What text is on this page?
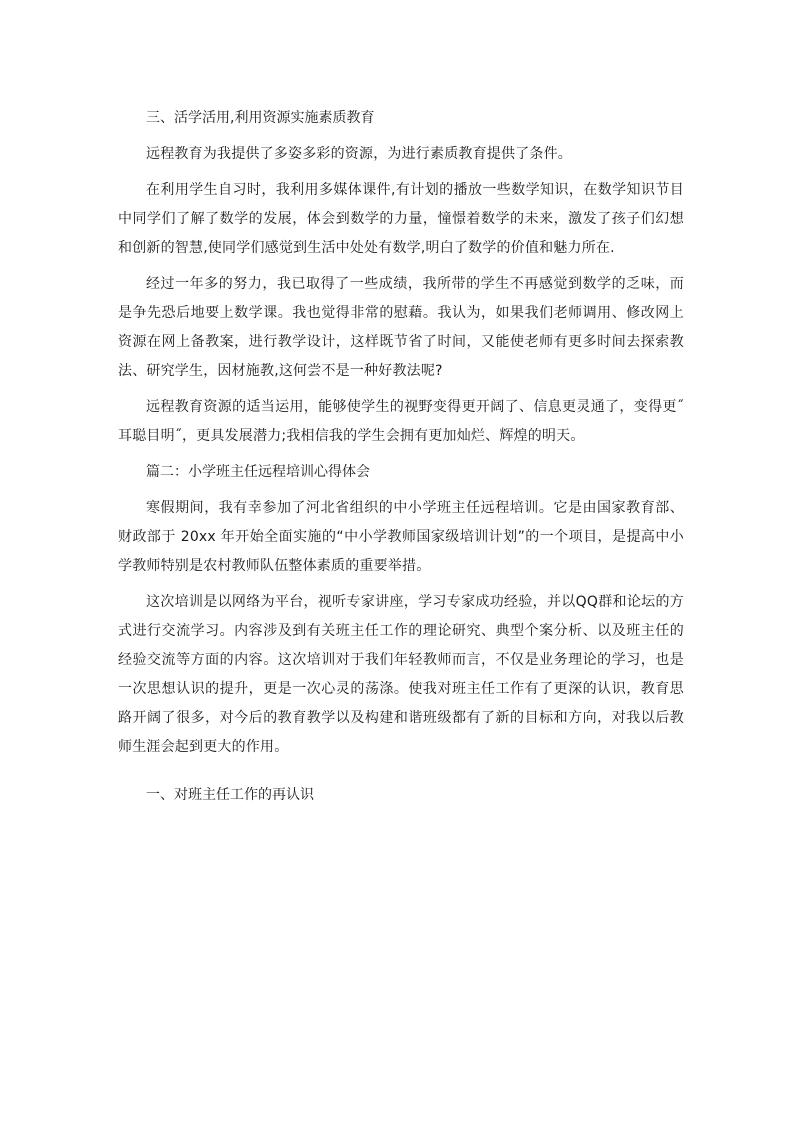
三、活学活用,利用资源实施素质教育

远程教育为我提供了多姿多彩的资源，为进行素质教育提供了条件。

在利用学生自习时，我利用多媒体课件,有计划的播放一些数学知识，在数学知识节目中同学们了解了数学的发展，体会到数学的力量，憧憬着数学的未来，激发了孩子们幻想和创新的智慧,使同学们感觉到生活中处处有数学,明白了数学的价值和魅力所在.

经过一年多的努力，我已取得了一些成绩，我所带的学生不再感觉到数学的乏味，而是争先恐后地要上数学课。我也觉得非常的慰藉。我认为，如果我们老师调用、修改网上资源在网上备教案，进行教学设计，这样既节省了时间，又能使老师有更多时间去探索教法、研究学生，因材施教,这何尝不是一种好教法呢?

远程教育资源的适当运用，能够使学生的视野变得更开阔了、信息更灵通了，变得更˝耳聪目明˝，更具发展潜力;我相信我的学生会拥有更加灿烂、辉煌的明天。

篇二：小学班主任远程培训心得体会

寒假期间，我有幸参加了河北省组织的中小学班主任远程培训。它是由国家教育部、财政部于 20xx 年开始全面实施的“中小学教师国家级培训计划”的一个项目，是提高中小学教师特别是农村教师队伍整体素质的重要举措。

这次培训是以网络为平台，视听专家讲座，学习专家成功经验，并以QQ群和论坛的方式进行交流学习。内容涉及到有关班主任工作的理论研究、典型个案分析、以及班主任的经验交流等方面的内容。这次培训对于我们年轻教师而言，不仅是业务理论的学习，也是一次思想认识的提升，更是一次心灵的荡涤。使我对班主任工作有了更深的认识，教育思路开阔了很多，对今后的教育教学以及构建和谐班级都有了新的目标和方向，对我以后教师生涯会起到更大的作用。

一、对班主任工作的再认识
